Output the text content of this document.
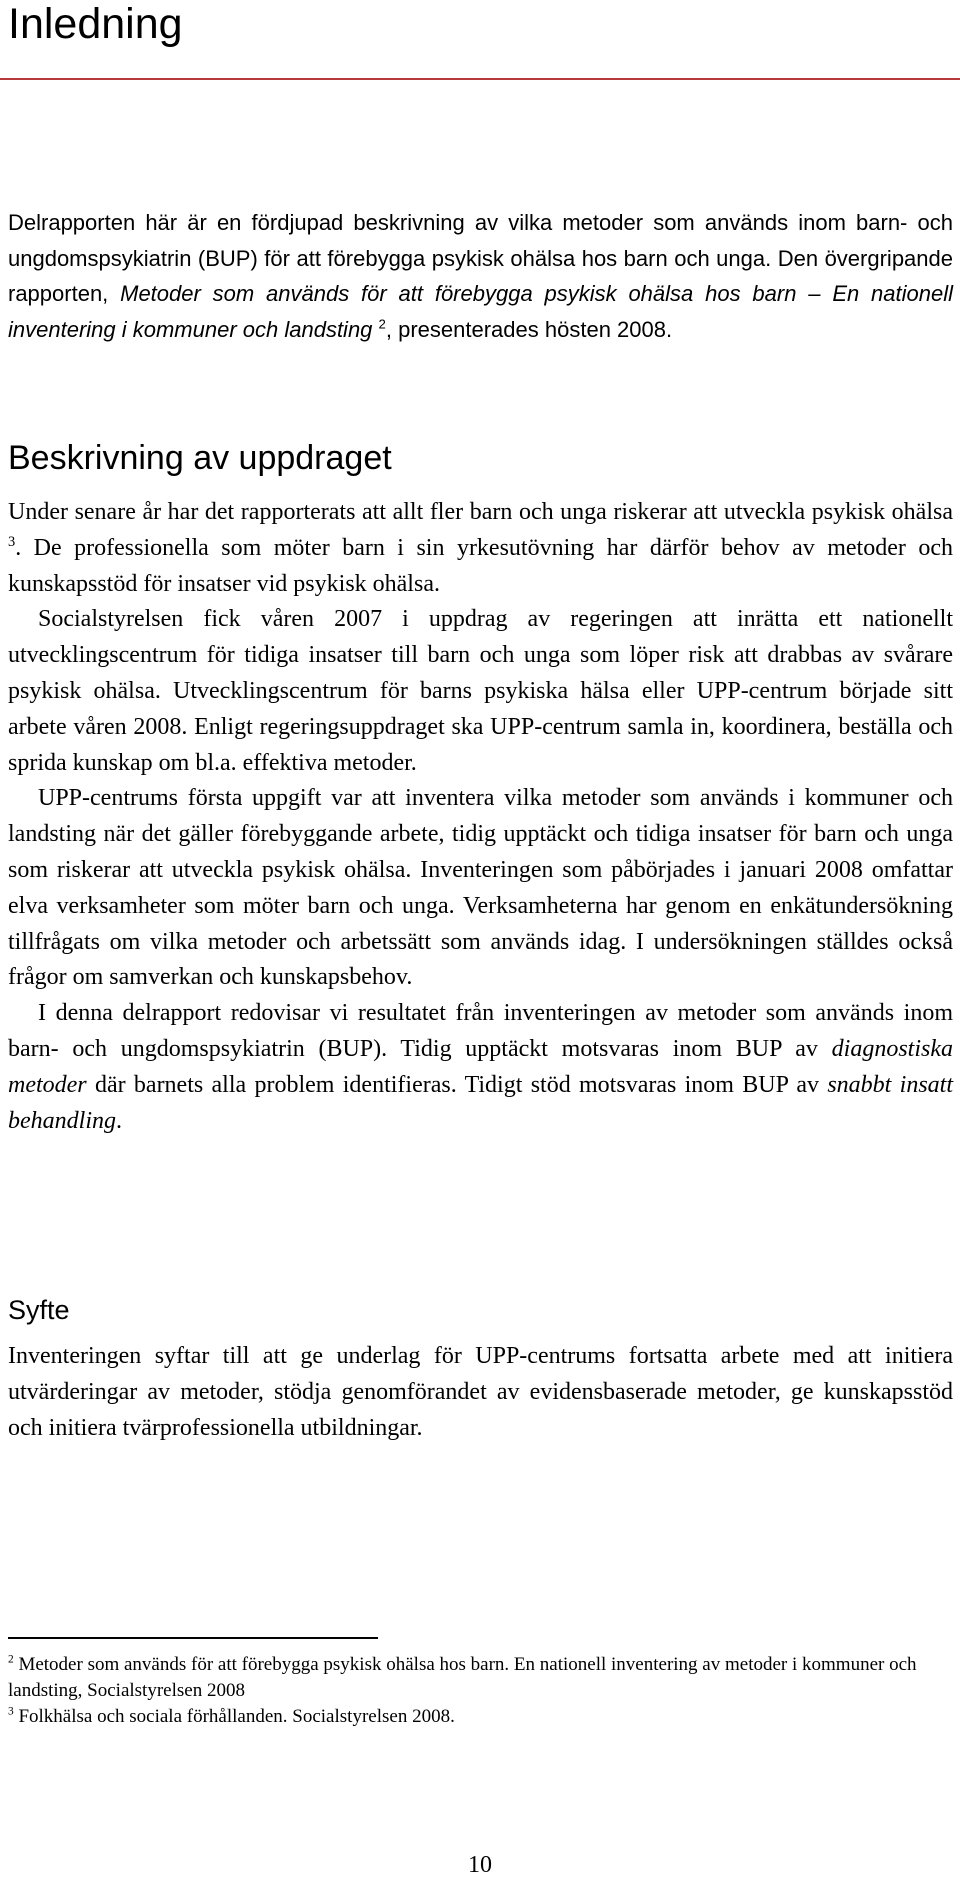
Inledning

Delrapporten här är en fördjupad beskrivning av vilka metoder som används inom barn- och ungdomspsykiatrin (BUP) för att förebygga psykisk ohälsa hos barn och unga. Den övergripande rapporten, Metoder som används för att förebygga psykisk ohälsa hos barn – En nationell inventering i kommuner och landsting $^2$, presenterades hösten 2008.

Beskrivning av uppdraget

Under senare år har det rapporterats att allt fler barn och unga riskerar att utveckla psykisk ohälsa $^3$. De professionella som möter barn i sin yrkesutövning har därför behov av metoder och kunskapsstöd för insatser vid psykisk ohälsa.

Socialstyrelsen fick våren 2007 i uppdrag av regeringen att inrätta ett nationellt utvecklingscentrum för tidiga insatser till barn och unga som löper risk att drabbas av svårare psykisk ohälsa. Utvecklingscentrum för barns psykiska hälsa eller UPP-centrum började sitt arbete våren 2008. Enligt regeringsuppdraget ska UPP-centrum samla in, koordinera, beställa och sprida kunskap om bl.a. effektiva metoder.

UPP-centrums första uppgift var att inventera vilka metoder som används i kommuner och landsting när det gäller förebyggande arbete, tidig upptäckt och tidiga insatser för barn och unga som riskerar att utveckla psykisk ohälsa. Inventeringen som påbörjades i januari 2008 omfattar elva verksamheter som möter barn och unga. Verksamheterna har genom en enkätundersökning tillfrågats om vilka metoder och arbetssätt som används idag. I undersökningen ställdes också frågor om samverkan och kunskapsbehov.

I denna delrapport redovisar vi resultatet från inventeringen av metoder som används inom barn- och ungdomspsykiatrin (BUP). Tidig upptäckt motsvaras inom BUP av diagnostiska metoder där barnets alla problem identifieras. Tidigt stöd motsvaras inom BUP av snabbt insatt behandling.

Syfte

Inventeringen syftar till att ge underlag för UPP-centrums fortsatta arbete med att initiera utvärderingar av metoder, stödja genomförandet av evidensbaserade metoder, ge kunskapsstöd och initiera tvärprofessionella utbildningar.

$^2$ Metoder som används för att förebygga psykisk ohälsa hos barn. En nationell inventering av metoder i kommuner och landsting, Socialstyrelsen 2008

$^3$ Folkhälsa och sociala förhållanden. Socialstyrelsen 2008.

10
